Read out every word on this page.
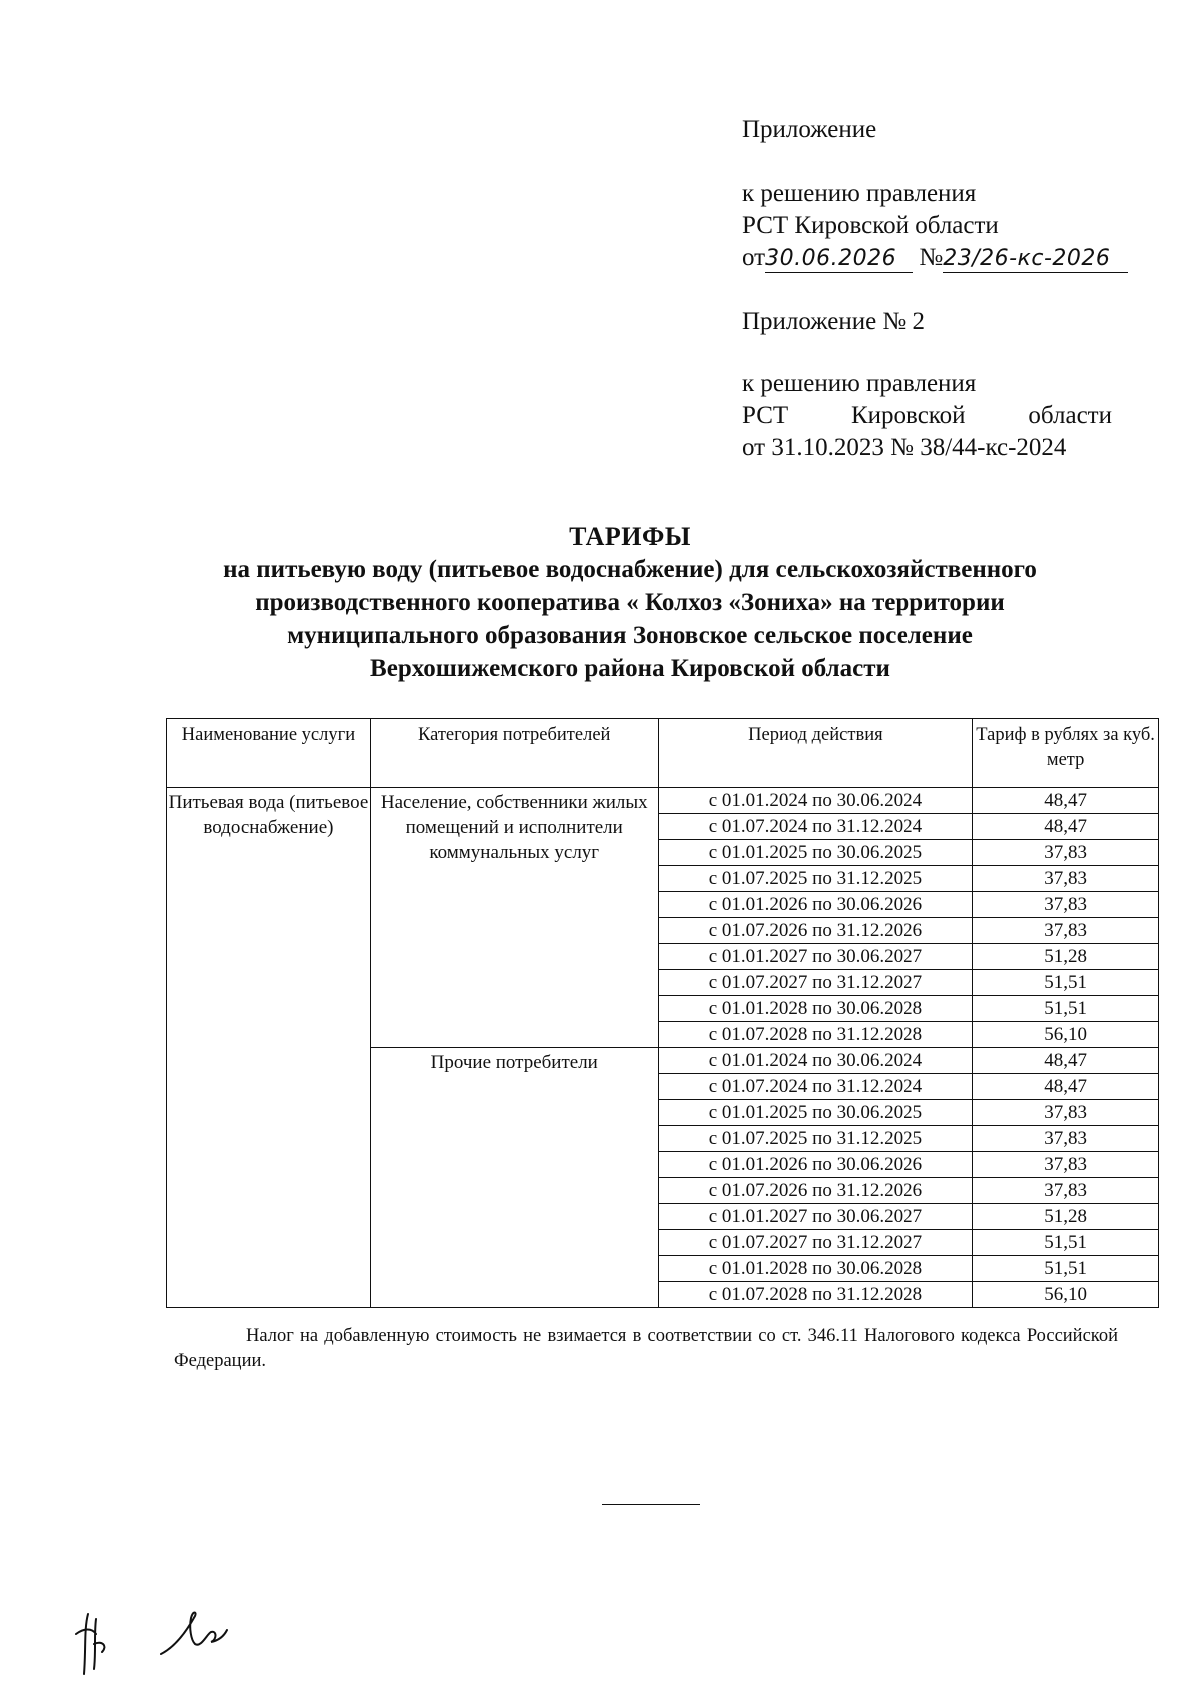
Приложение

к решению правления

РСТ Кировской области

от30.06.2026 №23/26-кс-2026

Приложение № 2

к решению правления

РСТ	Кировской	области

от 31.10.2023 № 38/44-кс-2024

ТАРИФЫ
на питьевую воду (питьевое водоснабжение) для сельскохозяйственного
производственного кооператива « Колхоз «Зониха» на территории
муниципального образования Зоновское сельское поселение
Верхошижемского района Кировской области
Наименование услуги	Категория потребителей	Период действия	Тариф в рублях за куб. метр
Питьевая вода (питьевое водоснабжение)	Население, собственники жилых помещений и исполнители коммунальных услуг	с 01.01.2024 по 30.06.2024	48,47
		с 01.07.2024 по 31.12.2024	48,47
		с 01.01.2025 по 30.06.2025	37,83
		с 01.07.2025 по 31.12.2025	37,83
		с 01.01.2026 по 30.06.2026	37,83
		с 01.07.2026 по 31.12.2026	37,83
		с 01.01.2027 по 30.06.2027	51,28
		с 01.07.2027 по 31.12.2027	51,51
		с 01.01.2028 по 30.06.2028	51,51
		с 01.07.2028 по 31.12.2028	56,10
	Прочие потребители	с 01.01.2024 по 30.06.2024	48,47
		с 01.07.2024 по 31.12.2024	48,47
		с 01.01.2025 по 30.06.2025	37,83
		с 01.07.2025 по 31.12.2025	37,83
		с 01.01.2026 по 30.06.2026	37,83
		с 01.07.2026 по 31.12.2026	37,83
		с 01.01.2027 по 30.06.2027	51,28
		с 01.07.2027 по 31.12.2027	51,51
		с 01.01.2028 по 30.06.2028	51,51
		с 01.07.2028 по 31.12.2028	56,10

Налог на добавленную стоимость не взимается в соответствии со ст. 346.11 Налогового кодекса Российской Федерации.
